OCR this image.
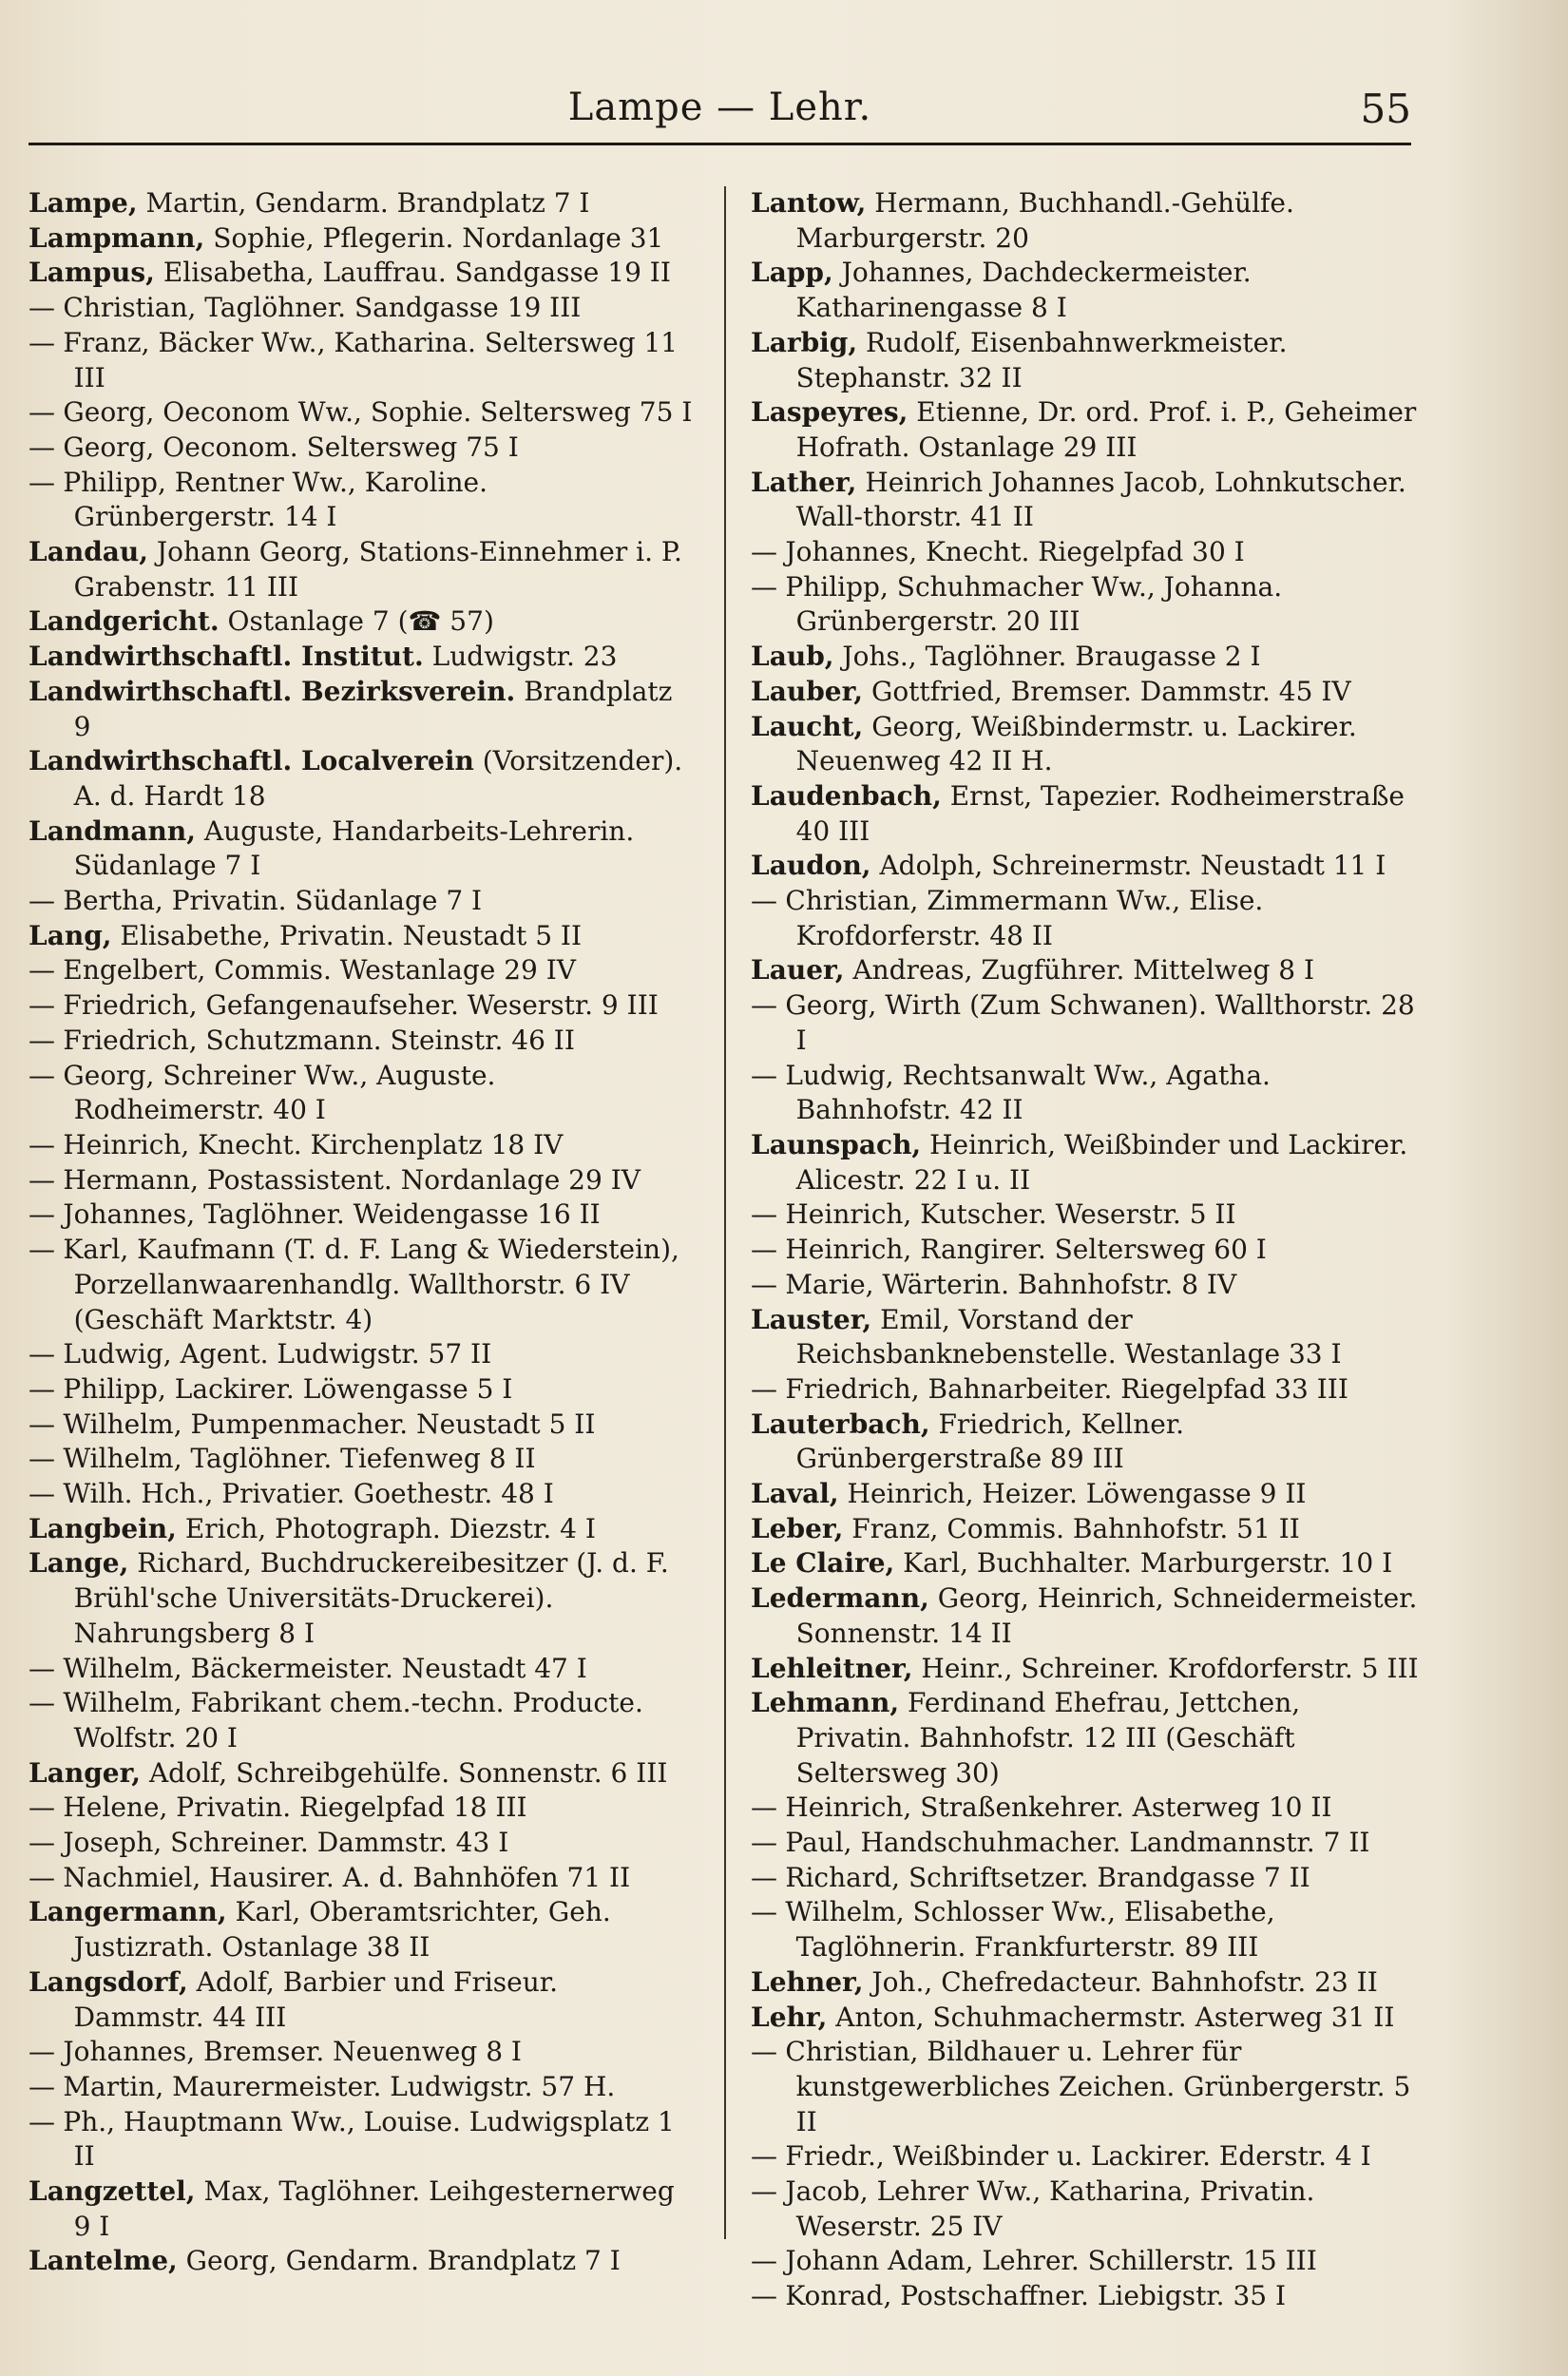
Lampe — Lehr.	55

Lampe, Martin, Gendarm. Brandplatz 7 I

Lampmann, Sophie, Pflegerin. Nordanlage 31

Lampus, Elisabetha, Lauffrau. Sandgasse 19 II

— Christian, Taglöhner. Sandgasse 19 III

— Franz, Bäcker Ww., Katharina. Seltersweg 11 III

— Georg, Oeconom Ww., Sophie. Seltersweg 75 I

— Georg, Oeconom. Seltersweg 75 I

— Philipp, Rentner Ww., Karoline. Grünbergerstr. 14 I

Landau, Johann Georg, Stations-Einnehmer i. P. Grabenstr. 11 III

Landgericht. Ostanlage 7 (☎ 57)

Landwirthschaftl. Institut. Ludwigstr. 23

Landwirthschaftl. Bezirksverein. Brandplatz 9

Landwirthschaftl. Localverein (Vorsitzender). A. d. Hardt 18

Landmann, Auguste, Handarbeits-Lehrerin. Südanlage 7 I

— Bertha, Privatin. Südanlage 7 I

Lang, Elisabethe, Privatin. Neustadt 5 II

— Engelbert, Commis. Westanlage 29 IV

— Friedrich, Gefangenaufseher. Weserstr. 9 III

— Friedrich, Schutzmann. Steinstr. 46 II

— Georg, Schreiner Ww., Auguste. Rodheimerstr. 40 I

— Heinrich, Knecht. Kirchenplatz 18 IV

— Hermann, Postassistent. Nordanlage 29 IV

— Johannes, Taglöhner. Weidengasse 16 II

— Karl, Kaufmann (T. d. F. Lang & Wiederstein), Porzellanwaarenhandlg. Wallthorstr. 6 IV (Geschäft Marktstr. 4)

— Ludwig, Agent. Ludwigstr. 57 II

— Philipp, Lackirer. Löwengasse 5 I

— Wilhelm, Pumpenmacher. Neustadt 5 II

— Wilhelm, Taglöhner. Tiefenweg 8 II

— Wilh. Hch., Privatier. Goethestr. 48 I

Langbein, Erich, Photograph. Diezstr. 4 I

Lange, Richard, Buchdruckereibesitzer (J. d. F. Brühl'sche Universitäts-Druckerei). Nahrungsberg 8 I

— Wilhelm, Bäckermeister. Neustadt 47 I

— Wilhelm, Fabrikant chem.-techn. Producte. Wolfstr. 20 I

Langer, Adolf, Schreibgehülfe. Sonnenstr. 6 III

— Helene, Privatin. Riegelpfad 18 III

— Joseph, Schreiner. Dammstr. 43 I

— Nachmiel, Hausirer. A. d. Bahnhöfen 71 II

Langermann, Karl, Oberamtsrichter, Geh. Justizrath. Ostanlage 38 II

Langsdorf, Adolf, Barbier und Friseur. Dammstr. 44 III

— Johannes, Bremser. Neuenweg 8 I

— Martin, Maurermeister. Ludwigstr. 57 H.

— Ph., Hauptmann Ww., Louise. Ludwigsplatz 1 II

Langzettel, Max, Taglöhner. Leihgesternerweg 9 I

Lantelme, Georg, Gendarm. Brandplatz 7 I

Lantow, Hermann, Buchhandl.-Gehülfe. Marburgerstr. 20

Lapp, Johannes, Dachdeckermeister. Katharinengasse 8 I

Larbig, Rudolf, Eisenbahnwerkmeister. Stephanstr. 32 II

Laspeyres, Etienne, Dr. ord. Prof. i. P., Geheimer Hofrath. Ostanlage 29 III

Lather, Heinrich Johannes Jacob, Lohnkutscher. Wall-thorstr. 41 II

— Johannes, Knecht. Riegelpfad 30 I

— Philipp, Schuhmacher Ww., Johanna. Grünbergerstr. 20 III

Laub, Johs., Taglöhner. Braugasse 2 I

Lauber, Gottfried, Bremser. Dammstr. 45 IV

Laucht, Georg, Weißbindermstr. u. Lackirer. Neuenweg 42 II H.

Laudenbach, Ernst, Tapezier. Rodheimerstraße 40 III

Laudon, Adolph, Schreinermstr. Neustadt 11 I

— Christian, Zimmermann Ww., Elise. Krofdorferstr. 48 II

Lauer, Andreas, Zugführer. Mittelweg 8 I

— Georg, Wirth (Zum Schwanen). Wallthorstr. 28 I

— Ludwig, Rechtsanwalt Ww., Agatha. Bahnhofstr. 42 II

Launspach, Heinrich, Weißbinder und Lackirer. Alicestr. 22 I u. II

— Heinrich, Kutscher. Weserstr. 5 II

— Heinrich, Rangirer. Seltersweg 60 I

— Marie, Wärterin. Bahnhofstr. 8 IV

Lauster, Emil, Vorstand der Reichsbanknebenstelle. Westanlage 33 I

— Friedrich, Bahnarbeiter. Riegelpfad 33 III

Lauterbach, Friedrich, Kellner. Grünbergerstraße 89 III

Laval, Heinrich, Heizer. Löwengasse 9 II

Leber, Franz, Commis. Bahnhofstr. 51 II

Le Claire, Karl, Buchhalter. Marburgerstr. 10 I

Ledermann, Georg, Heinrich, Schneidermeister. Sonnenstr. 14 II

Lehleitner, Heinr., Schreiner. Krofdorferstr. 5 III

Lehmann, Ferdinand Ehefrau, Jettchen, Privatin. Bahnhofstr. 12 III (Geschäft Seltersweg 30)

— Heinrich, Straßenkehrer. Asterweg 10 II

— Paul, Handschuhmacher. Landmannstr. 7 II

— Richard, Schriftsetzer. Brandgasse 7 II

— Wilhelm, Schlosser Ww., Elisabethe, Taglöhnerin. Frankfurterstr. 89 III

Lehner, Joh., Chefredacteur. Bahnhofstr. 23 II

Lehr, Anton, Schuhmachermstr. Asterweg 31 II

— Christian, Bildhauer u. Lehrer für kunstgewerbliches Zeichen. Grünbergerstr. 5 II

— Friedr., Weißbinder u. Lackirer. Ederstr. 4 I

— Jacob, Lehrer Ww., Katharina, Privatin. Weserstr. 25 IV

— Johann Adam, Lehrer. Schillerstr. 15 III

— Konrad, Postschaffner. Liebigstr. 35 I
